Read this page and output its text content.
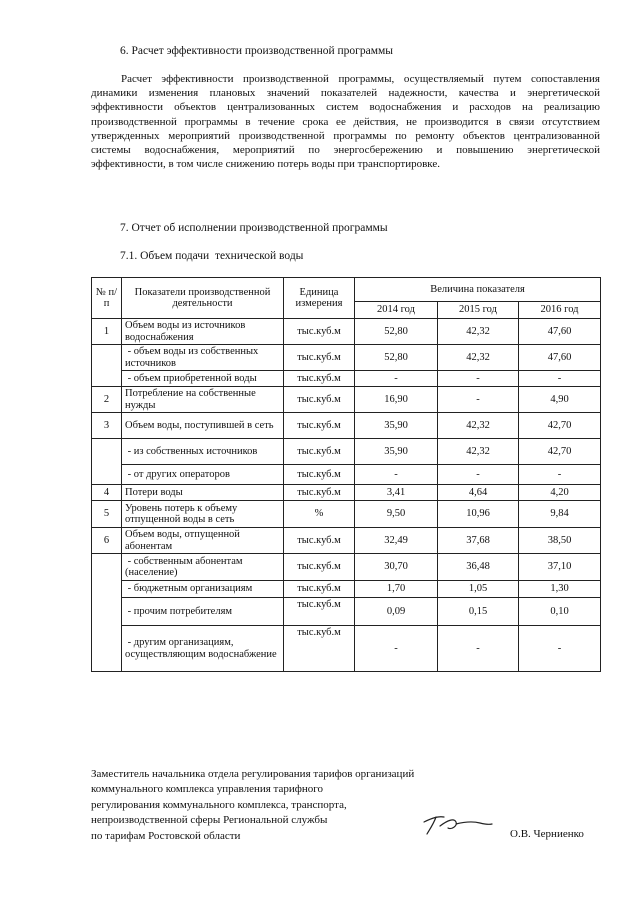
6. Расчет эффективности производственной программы

Расчет эффективности производственной программы, осуществляемый путем сопоставления динамики изменения плановых значений показателей надежности, качества и энергетической эффективности объектов централизованных систем водоснабжения и расходов на реализацию производственной программы в течение срока ее действия, не производится в связи отсутствием утвержденных мероприятий производственной программы по ремонту объектов централизованной системы водоснабжения, мероприятий по энергосбережению и повышению энергетической эффективности, в том числе снижению потерь воды при транспортировке.

7. Отчет об исполнении производственной программы
7.1. Объем подачи  технической воды
№ п/п	Показатели производственной деятельности	Единица измерения	Величина показателя		
			2014 год	2015 год	2016 год
1	Объем воды из источников водоснабжения	тыс.куб.м	52,80	42,32	47,60
	- объем воды из собственных источников	тыс.куб.м	52,80	42,32	47,60
	- объем приобретенной воды	тыс.куб.м	-	-	-
2	Потребление на собственные нужды	тыс.куб.м	16,90	-	4,90
3	Объем воды, поступившей в сеть	тыс.куб.м	35,90	42,32	42,70
	- из собственных источников	тыс.куб.м	35,90	42,32	42,70
	- от других операторов	тыс.куб.м	-	-	-
4	Потери воды	тыс.куб.м	3,41	4,64	4,20
5	Уровень потерь к объему отпущенной воды в сеть	%	9,50	10,96	9,84
6	Объем воды, отпущенной абонентам	тыс.куб.м	32,49	37,68	38,50
	- собственным абонентам (население)	тыс.куб.м	30,70	36,48	37,10
	- бюджетным организациям	тыс.куб.м	1,70	1,05	1,30
	- прочим потребителям	тыс.куб.м	0,09	0,15	0,10
	- другим организациям, осуществляющим водоснабжение	тыс.куб.м	-	-	-
Заместитель начальника отдела регулирования тарифов организаций
коммунального комплекса управления тарифного
регулирования коммунального комплекса, транспорта,
непроизводственной сферы Региональной службы
по тарифам Ростовской области	О.В. Черниенко
